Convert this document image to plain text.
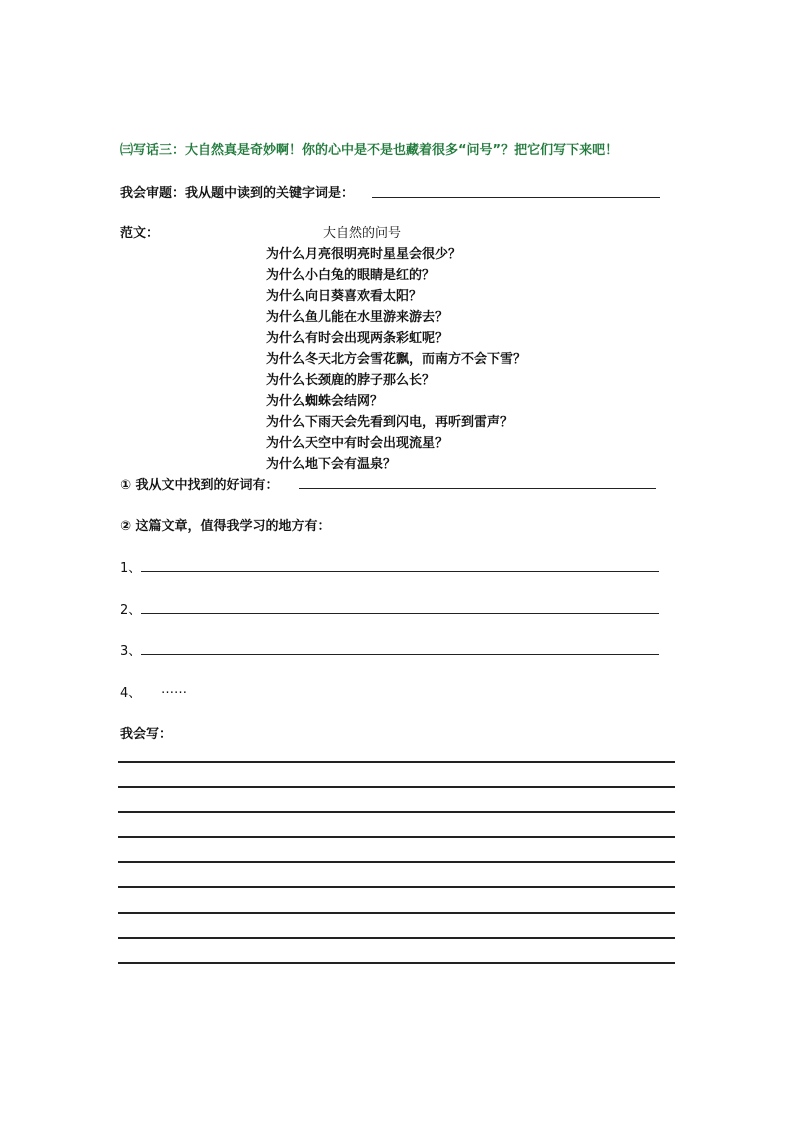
㈢写话三：大自然真是奇妙啊！你的心中是不是也藏着很多“问号”？把它们写下来吧！
我会审题：我从题中读到的关键字词是：
范文：	大自然的问号
为什么月亮很明亮时星星会很少？
为什么小白兔的眼睛是红的？
为什么向日葵喜欢看太阳？
为什么鱼儿能在水里游来游去？
为什么有时会出现两条彩虹呢？
为什么冬天北方会雪花飘，而南方不会下雪？
为什么长颈鹿的脖子那么长？
为什么蜘蛛会结网？
为什么下雨天会先看到闪电，再听到雷声？
为什么天空中有时会出现流星？
为什么地下会有温泉？
① 我从文中找到的好词有：
② 这篇文章，值得我学习的地方有：
1、
2、
3、
4、 ……
我会写：
